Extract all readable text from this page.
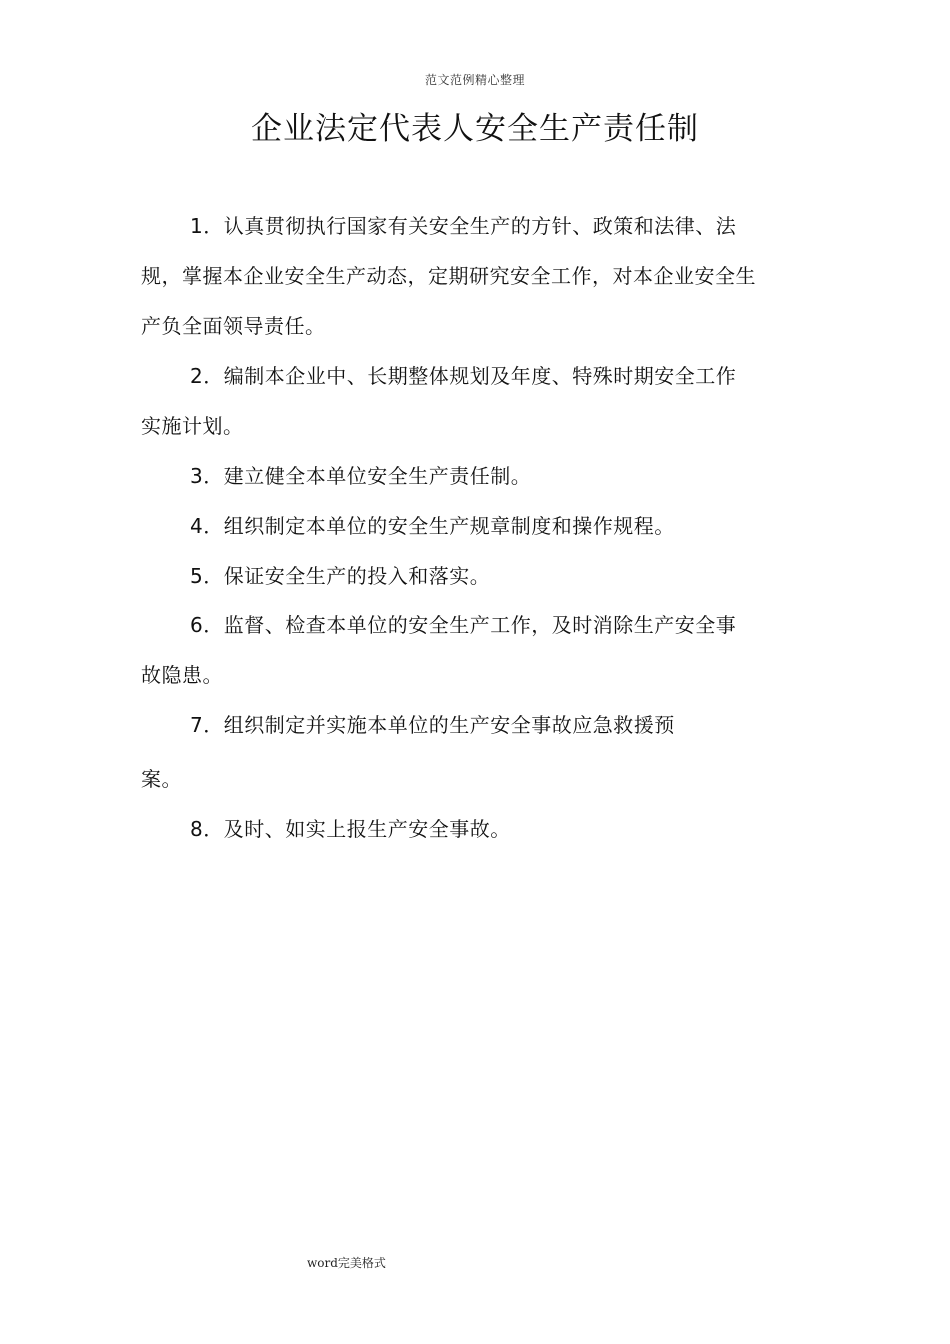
范文范例精心整理
企业法定代表人安全生产责任制
1．认真贯彻执行国家有关安全生产的方针、政策和法律、法
规，掌握本企业安全生产动态，定期研究安全工作，对本企业安全生
产负全面领导责任。
2．编制本企业中、长期整体规划及年度、特殊时期安全工作
实施计划。
3．建立健全本单位安全生产责任制。
4．组织制定本单位的安全生产规章制度和操作规程。
5．保证安全生产的投入和落实。
6．监督、检查本单位的安全生产工作，及时消除生产安全事
故隐患。
7．组织制定并实施本单位的生产安全事故应急救援预
案。
8．及时、如实上报生产安全事故。
word完美格式
